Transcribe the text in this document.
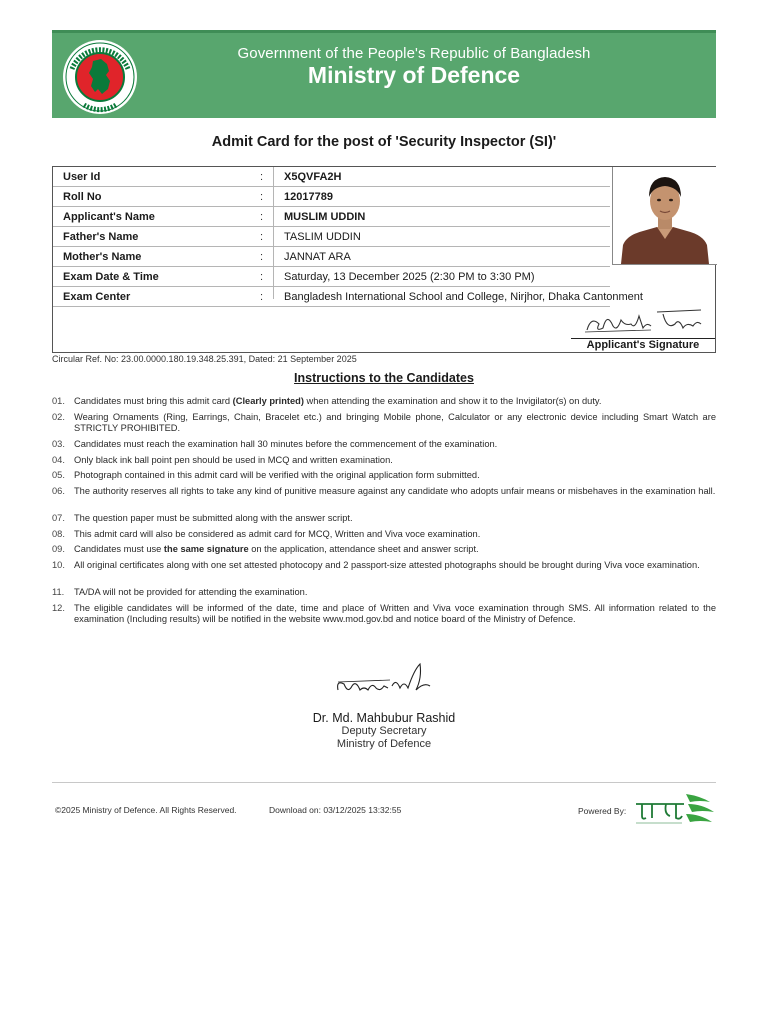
Government of the People's Republic of Bangladesh
Ministry of Defence
Admit Card for the post of 'Security Inspector (SI)'
User Id	: X5QVFA2H
Roll No	: 12017789
Applicant's Name	: MUSLIM UDDIN
Father's Name	: TASLIM UDDIN
Mother's Name	: JANNAT ARA
Exam Date & Time	: Saturday, 13 December 2025 (2:30 PM to 3:30 PM)
Exam Center	: Bangladesh International School and College, Nirjhor, Dhaka Cantonment
Applicant's Signature
Circular Ref. No: 23.00.0000.180.19.348.25.391, Dated: 21 September 2025
Instructions to the Candidates
01. Candidates must bring this admit card (Clearly printed) when attending the examination and show it to the Invigilator(s) on duty.
02. Wearing Ornaments (Ring, Earrings, Chain, Bracelet etc.) and bringing Mobile phone, Calculator or any electronic device including Smart Watch are STRICTLY PROHIBITED.
03. Candidates must reach the examination hall 30 minutes before the commencement of the examination.
04. Only black ink ball point pen should be used in MCQ and written examination.
05. Photograph contained in this admit card will be verified with the original application form submitted.
06. The authority reserves all rights to take any kind of punitive measure against any candidate who adopts unfair means or misbehaves in the examination hall.
07. The question paper must be submitted along with the answer script.
08. This admit card will also be considered as admit card for MCQ, Written and Viva voce examination.
09. Candidates must use the same signature on the application, attendance sheet and answer script.
10. All original certificates along with one set attested photocopy and 2 passport-size attested photographs should be brought during Viva voce examination.
11. TA/DA will not be provided for attending the examination.
12. The eligible candidates will be informed of the date, time and place of Written and Viva voce examination through SMS. All information related to the examination (Including results) will be notified in the website www.mod.gov.bd and notice board of the Ministry of Defence.
Dr. Md. Mahbubur Rashid
Deputy Secretary
Ministry of Defence
©2025 Ministry of Defence. All Rights Reserved.	Download on: 03/12/2025 13:32:55	Powered By:
